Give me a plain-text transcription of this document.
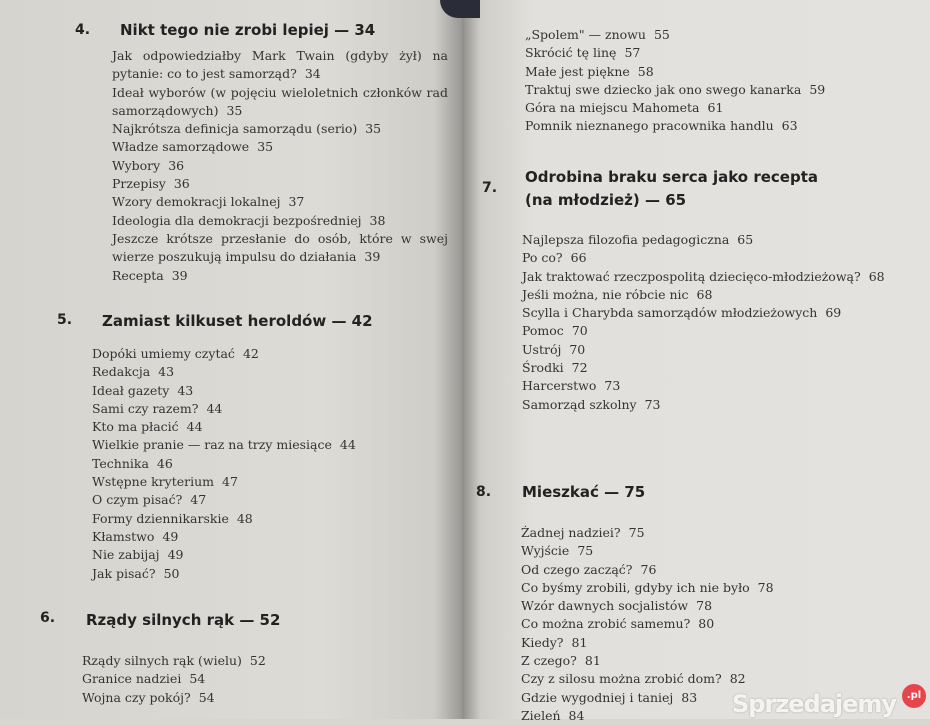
4. Nikt tego nie zrobi lepiej — 34
Jak odpowiedziałby Mark Twain (gdyby żył) na pytanie: co to jest samorząd? 34
Ideał wyborów (w pojęciu wieloletnich członków rad samorządowych) 35
Najkrótsza definicja samorządu (serio) 35
Władze samorządowe 35
Wybory 36
Przepisy 36
Wzory demokracji lokalnej 37
Ideologia dla demokracji bezpośredniej 38
Jeszcze krótsze przesłanie do osób, które w swej wierze poszukują impulsu do działania 39
Recepta 39
5. Zamiast kilkuset heroldów — 42
Dopóki umiemy czytać 42
Redakcja 43
Ideał gazety 43
Sami czy razem? 44
Kto ma płacić 44
Wielkie pranie — raz na trzy miesiące 44
Technika 46
Wstępne kryterium 47
O czym pisać? 47
Formy dziennikarskie 48
Kłamstwo 49
Nie zabijaj 49
Jak pisać? 50
6. Rządy silnych rąk — 52
Rządy silnych rąk (wielu) 52
Granice nadziei 54
Wojna czy pokój? 54
„Spolem" — znowu 55
Skrócić tę linę 57
Małe jest piękne 58
Traktuj swe dziecko jak ono swego kanarka 59
Góra na miejscu Mahometa 61
Pomnik nieznanego pracownika handlu 63
7.
Odrobina braku serca jako recepta
(na młodzież) — 65
Najlepsza filozofia pedagogiczna 65
Po co? 66
Jak traktować rzeczpospolitą dziecięco-młodzieżową? 68
Jeśli można, nie róbcie nic 68
Scylla i Charybda samorządów młodzieżowych 69
Pomoc 70
Ustrój 70
Środki 72
Harcerstwo 73
Samorząd szkolny 73
8. Mieszkać — 75
Żadnej nadziei? 75
Wyjście 75
Od czego zacząć? 76
Co byśmy zrobili, gdyby ich nie było 78
Wzór dawnych socjalistów 78
Co można zrobić samemu? 80
Kiedy? 81
Z czego? 81
Czy z silosu można zrobić dom? 82
Gdzie wygodniej i taniej 83
Zieleń 84	Sprzedajemy	.pl
